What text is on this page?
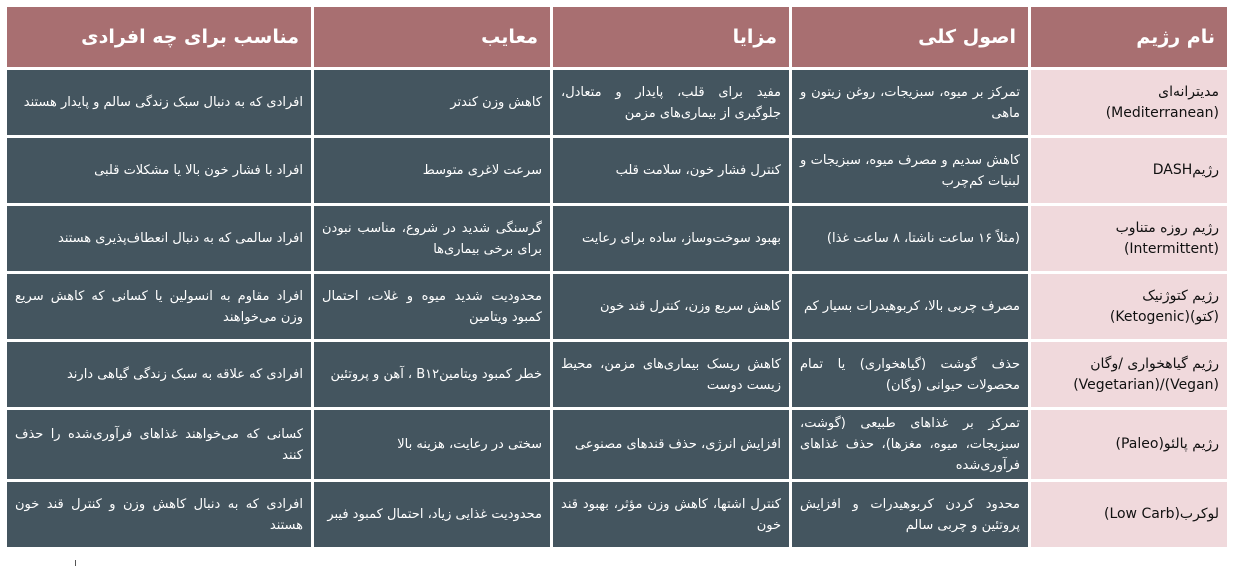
نام رژیم	اصول کلی	مزایا	معایب	مناسب برای چه افرادی
مدیترانه‌ای
(Mediterranean)	تمرکز بر میوه، سبزیجات، روغن زیتون و ماهی	مفید برای قلب، پایدار و متعادل، جلوگیری از بیماری‌های مزمن	کاهش وزن کندتر	افرادی که به دنبال سبک زندگی سالم و پایدار هستند
رژیمDASH	کاهش سدیم و مصرف میوه، سبزیجات و لبنیات کم‌چرب	کنترل فشار خون، سلامت قلب	سرعت لاغری متوسط	افراد با فشار خون بالا یا مشکلات قلبی
رژیم روزه متناوب
(Intermittent)	(مثلاً ۱۶ ساعت ناشتا، ۸ ساعت غذا)	بهبود سوخت‌وساز، ساده برای رعایت	گرسنگی شدید در شروع، مناسب نبودن برای برخی بیماری‌ها	افراد سالمی که به دنبال انعطاف‌پذیری هستند
رژیم کتوژنیک
(کتو)(Ketogenic)	مصرف چربی بالا، کربوهیدرات بسیار کم	کاهش سریع وزن، کنترل قند خون	محدودیت شدید میوه و غلات، احتمال کمبود ویتامین	افراد مقاوم به انسولین یا کسانی که کاهش سریع وزن می‌خواهند
رژیم گیاهخواری /وگان
(Vegan)/(Vegetarian)	حذف گوشت (گیاهخواری) یا تمام محصولات حیوانی (وگان)	کاهش ریسک بیماری‌های مزمن، محیط زیست دوست	خطر کمبود ویتامینB۱۲ ، آهن و پروتئین	افرادی که علاقه به سبک زندگی گیاهی دارند
رژیم پالئو(Paleo)	تمرکز بر غذاهای طبیعی (گوشت، سبزیجات، میوه، مغزها)، حذف غذاهای فرآوری‌شده	افزایش انرژی، حذف قندهای مصنوعی	سختی در رعایت، هزینه بالا	کسانی که می‌خواهند غذاهای فرآوری‌شده را حذف کنند
لوکرب(Low Carb)	محدود کردن کربوهیدرات و افزایش پروتئین و چربی سالم	کنترل اشتها، کاهش وزن مؤثر، بهبود قند خون	محدودیت غذایی زیاد، احتمال کمبود فیبر	افرادی که به دنبال کاهش وزن و کنترل قند خون هستند
